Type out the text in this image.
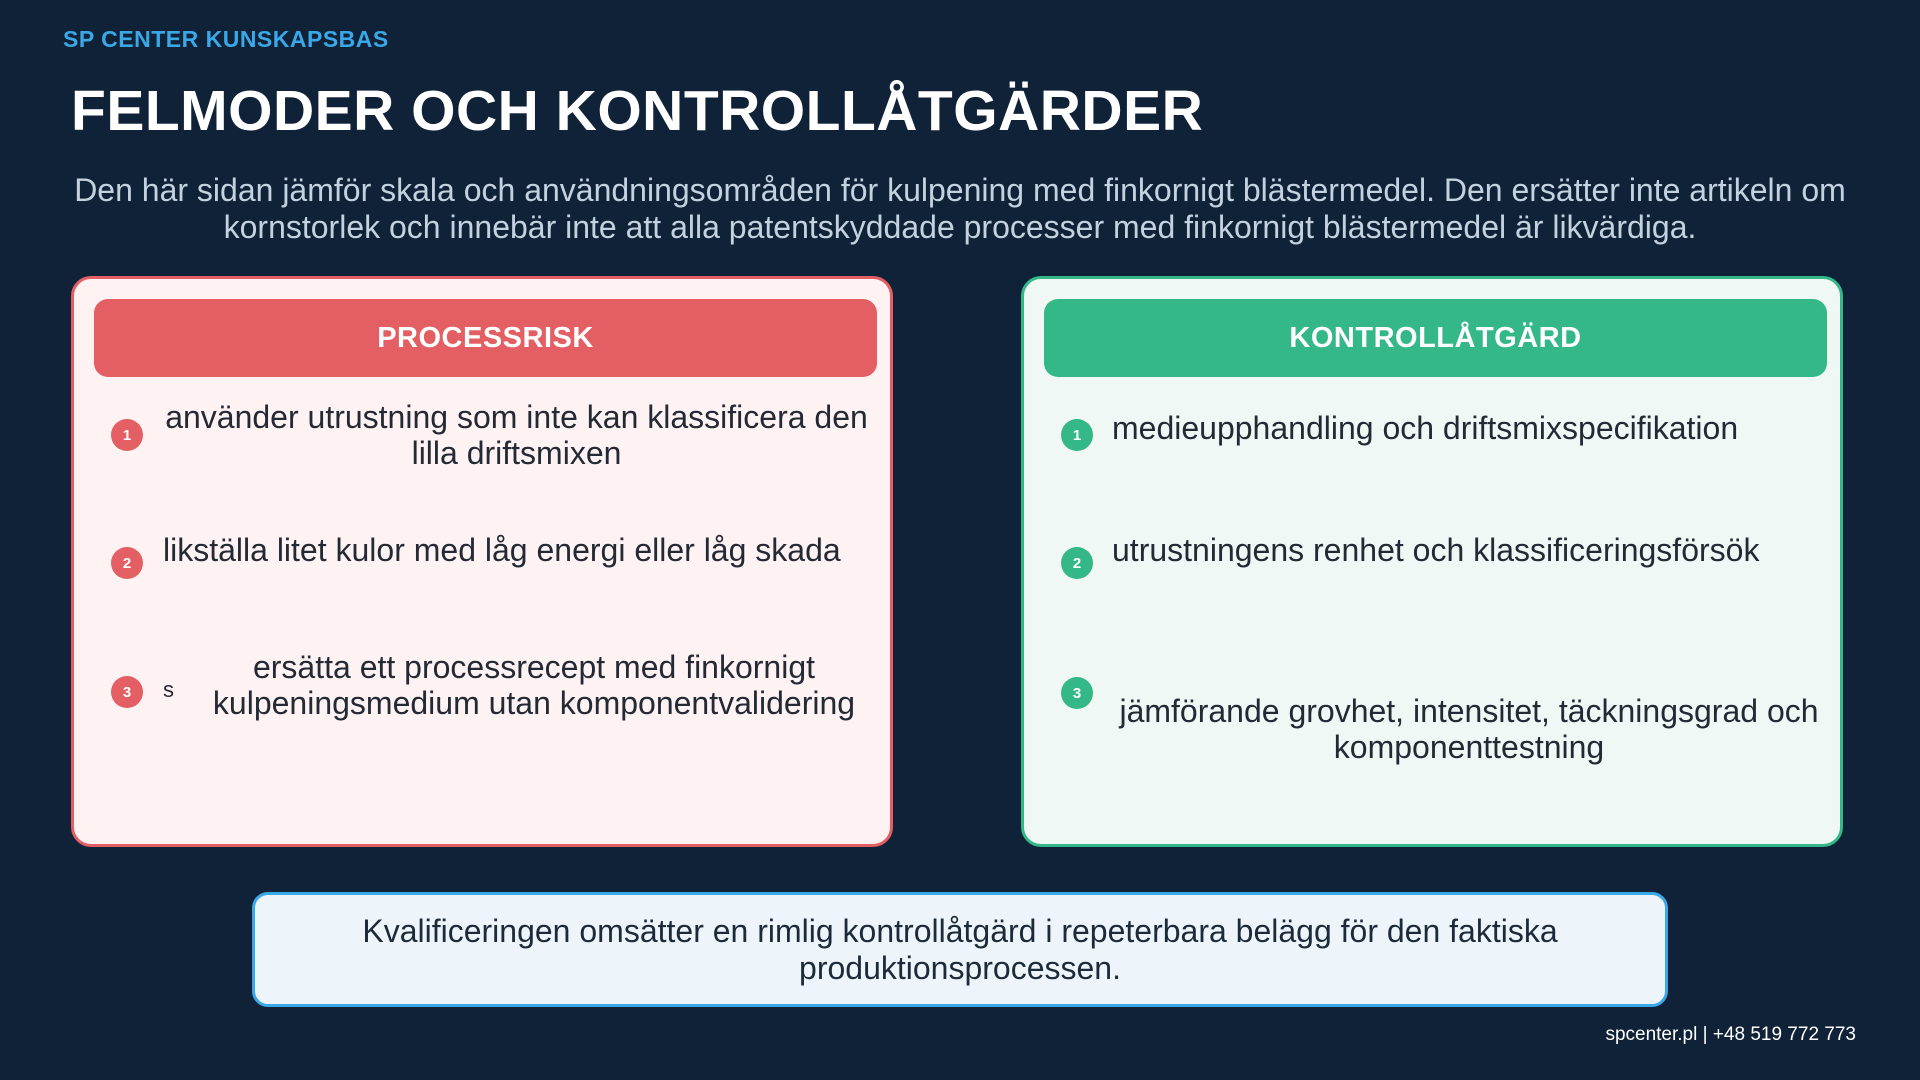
SP CENTER KUNSKAPSBAS
FELMODER OCH KONTROLLÅTGÄRDER
Den här sidan jämför skala och användningsområden för kulpening med finkornigt blästermedel. Den ersätter inte artikeln om kornstorlek och innebär inte att alla patentskyddade processer med finkornigt blästermedel är likvärdiga.
PROCESSRISK
1	använder utrustning som inte kan klassificera den lilla driftsmixen
2 likställa litet kulor med låg energi eller låg skada
3	s
ersätta ett processrecept med finkornigt kulpeningsmedium utan komponentvalidering
KONTROLLÅTGÄRD
1 medieupphandling och driftsmixspecifikation
2 utrustningens renhet och klassificeringsförsök
3	jämförande grovhet, intensitet, täckningsgrad och komponenttestning
Kvalificeringen omsätter en rimlig kontrollåtgärd i repeterbara belägg för den faktiska produktionsprocessen.
spcenter.pl | +48 519 772 773
